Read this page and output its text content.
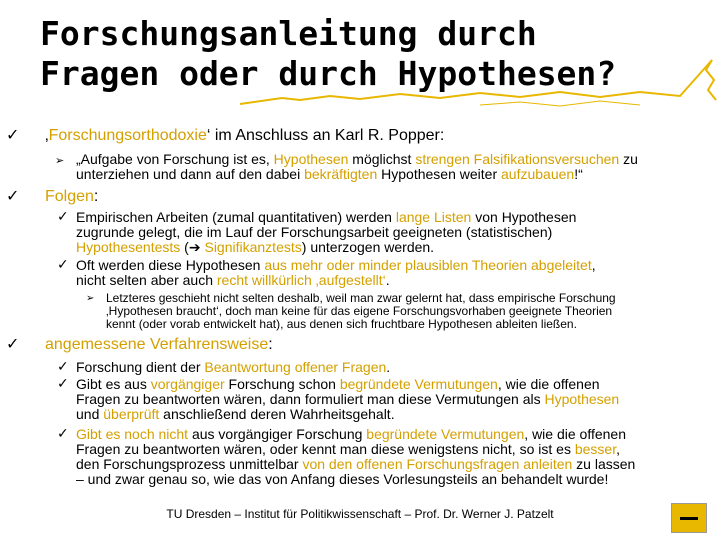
Forschungsanleitung durch
Fragen oder durch Hypothesen?
✓ ‚Forschungsorthodoxie‘ im Anschluss an Karl R. Popper:
➢ „Aufgabe von Forschung ist es, Hypothesen möglichst strengen Falsifikationsversuchen zu
unterziehen und dann auf den dabei bekräftigten Hypothesen weiter aufzubauen!“
✓ Folgen:
✓ Empirischen Arbeiten (zumal quantitativen) werden lange Listen von Hypothesen
zugrunde gelegt, die im Lauf der Forschungsarbeit geeigneten (statistischen)
Hypothesentests (➔ Signifikanztests) unterzogen werden.
✓ Oft werden diese Hypothesen aus mehr oder minder plausiblen Theorien abgeleitet,
nicht selten aber auch recht willkürlich ‚aufgestellt‘.
➢ Letzteres geschieht nicht selten deshalb, weil man zwar gelernt hat, dass empirische Forschung
‚Hypothesen braucht‘, doch man keine für das eigene Forschungsvorhaben geeignete Theorien
kennt (oder vorab entwickelt hat), aus denen sich fruchtbare Hypothesen ableiten ließen.
✓ angemessene Verfahrensweise:
✓ Forschung dient der Beantwortung offener Fragen.
✓ Gibt es aus vorgängiger Forschung schon begründete Vermutungen, wie die offenen
Fragen zu beantworten wären, dann formuliert man diese Vermutungen als Hypothesen
und überprüft anschließend deren Wahrheitsgehalt.
✓ Gibt es noch nicht aus vorgängiger Forschung begründete Vermutungen, wie die offenen
Fragen zu beantworten wären, oder kennt man diese wenigstens nicht, so ist es besser,
den Forschungsprozess unmittelbar von den offenen Forschungsfragen anleiten zu lassen
– und zwar genau so, wie das von Anfang dieses Vorlesungsteils an behandelt wurde!
TU Dresden – Institut für Politikwissenschaft – Prof. Dr. Werner J. Patzelt
